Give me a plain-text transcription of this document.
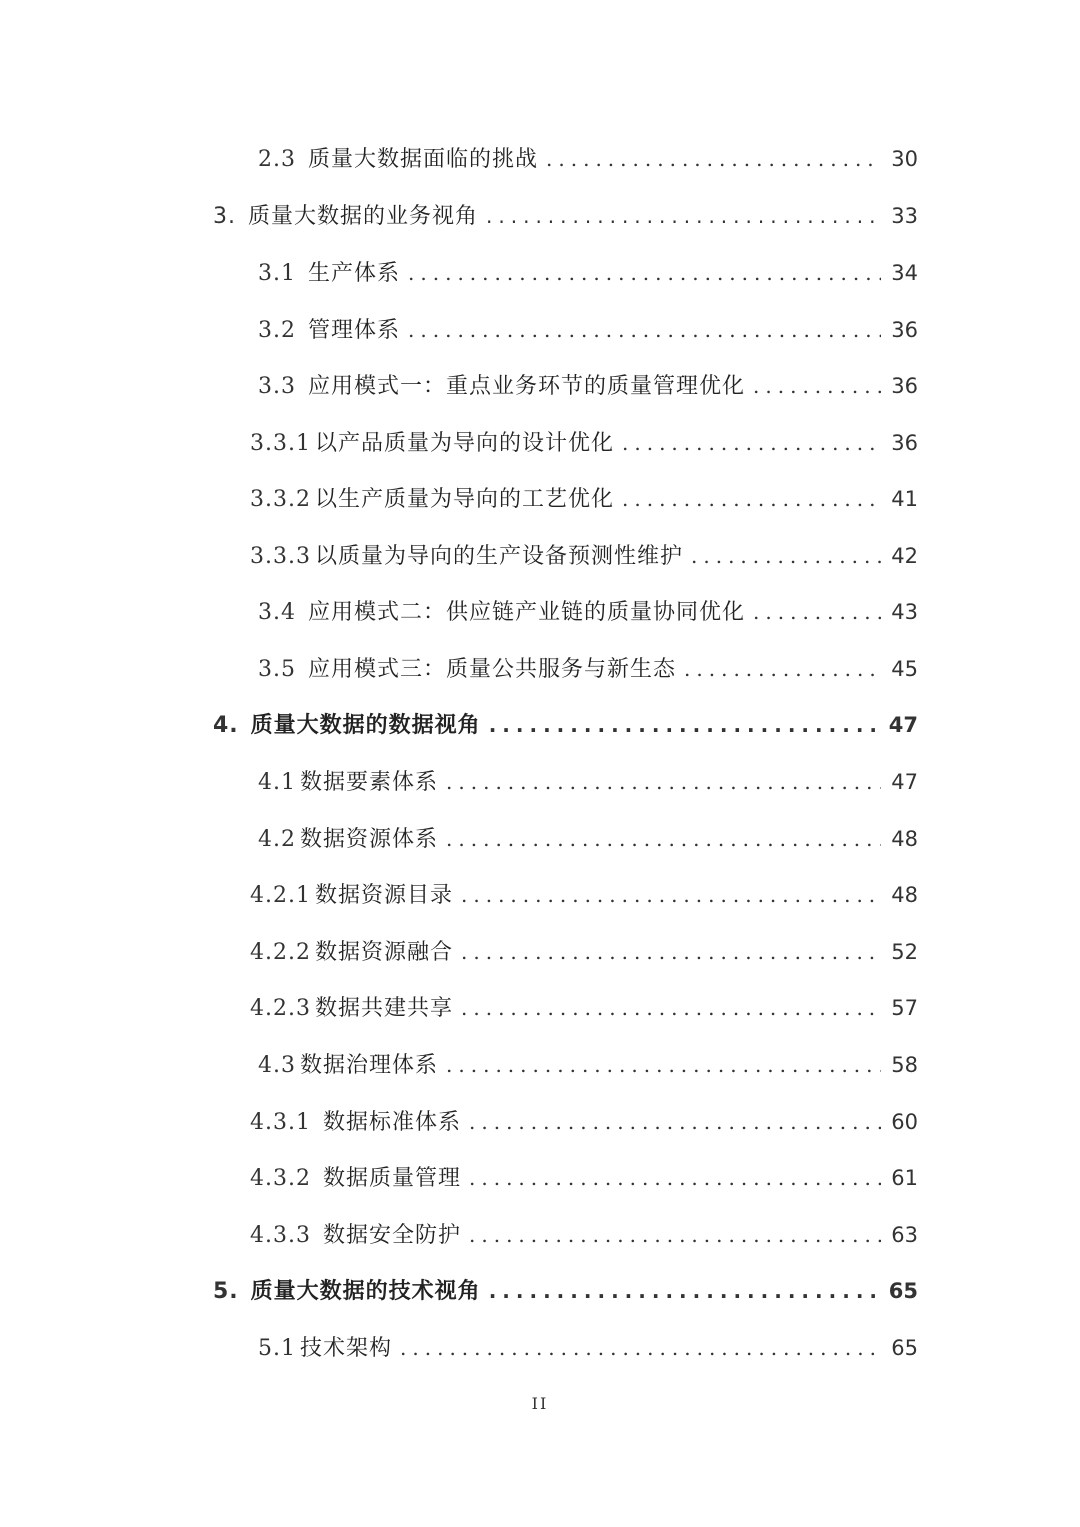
2.3 质量大数据面临的挑战 .....	30
3. 质量大数据的业务视角 .....	33
3.1 生产体系 .....	34
3.2 管理体系 .....	36
3.3 应用模式一：重点业务环节的质量管理优化 .....	36
3.3.1 以产品质量为导向的设计优化 .....	36
3.3.2 以生产质量为导向的工艺优化 .....	41
3.3.3 以质量为导向的生产设备预测性维护 .....	42
3.4 应用模式二：供应链产业链的质量协同优化 .....	43
3.5 应用模式三：质量公共服务与新生态 .....	45
4. 质量大数据的数据视角 .....	47
4.1 数据要素体系 .....	47
4.2 数据资源体系 .....	48
4.2.1 数据资源目录 .....	48
4.2.2 数据资源融合 .....	52
4.2.3 数据共建共享 .....	57
4.3 数据治理体系 .....	58
4.3.1 数据标准体系 .....	60
4.3.2 数据质量管理 .....	61
4.3.3 数据安全防护 .....	63
5. 质量大数据的技术视角 .....	65
5.1 技术架构 .....	65
II
